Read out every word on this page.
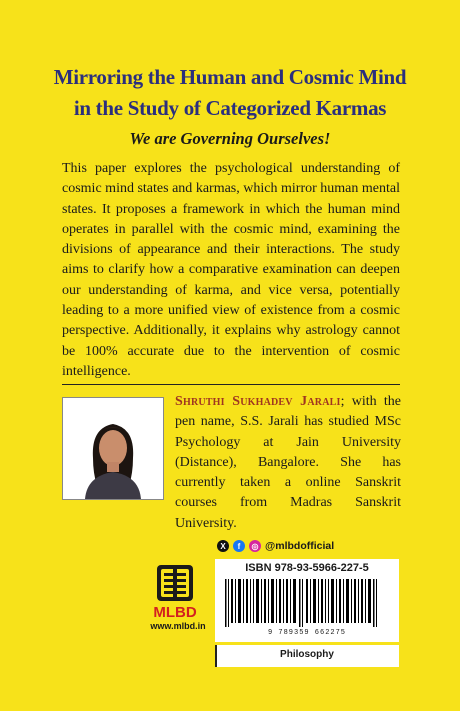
Mirroring the Human and Cosmic Mind
in the Study of Categorized Karmas
We are Governing Ourselves!
This paper explores the psychological understanding of cosmic mind states and karmas, which mirror human mental states. It proposes a framework in which the human mind operates in parallel with the cosmic mind, examining the divisions of appearance and their interactions. The study aims to clarify how a comparative examination can deepen our understanding of karma, and vice versa, potentially leading to a more unified view of existence from a cosmic perspective. Additionally, it explains why astrology cannot be 100% accurate due to the intervention of cosmic intelligence.
Shruthi Sukhadev Jarali; with the pen name, S.S. Jarali has studied MSc Psychology at Jain University (Distance), Bangalore. She has currently taken a online Sanskrit courses from Madras Sanskrit University.
X	f	◎ @mlbdofficial
MLBD
www.mlbd.in
ISBN 978-93-5966-227-5
9 789359 662275
Philosophy
